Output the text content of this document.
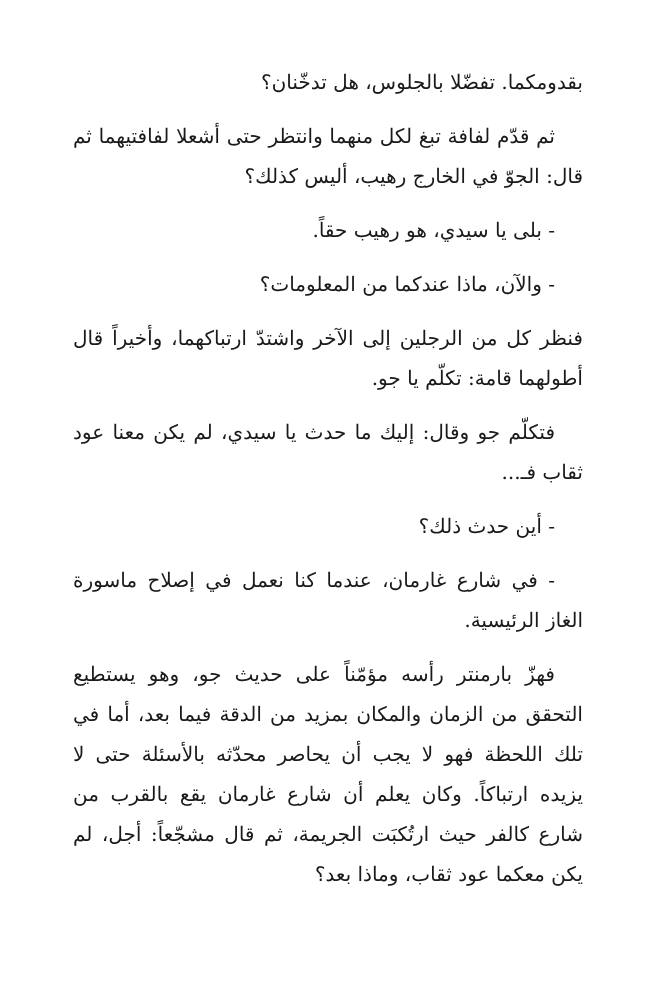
بقدومكما. تفضّلا بالجلوس، هل تدخّنان؟

ثم قدّم لفافة تبغ لكل منهما وانتظر حتى أشعلا لفافتيهما ثم قال: الجوّ في الخارج رهيب، أليس كذلك؟

- بلى يا سيدي، هو رهيب حقاً.

- والآن، ماذا عندكما من المعلومات؟

فنظر كل من الرجلين إلى الآخر واشتدّ ارتباكهما، وأخيراً قال أطولهما قامة: تكلّم يا جو.

فتكلّم جو وقال: إليك ما حدث يا سيدي، لم يكن معنا عود ثقاب فـ...

- أين حدث ذلك؟

- في شارع غارمان، عندما كنا نعمل في إصلاح ماسورة الغاز الرئيسية.

فهزّ بارمنتر رأسه مؤمّناً على حديث جو، وهو يستطيع التحقق من الزمان والمكان بمزيد من الدقة فيما بعد، أما في تلك اللحظة فهو لا يجب أن يحاصر محدّثه بالأسئلة حتى لا يزيده ارتباكاً. وكان يعلم أن شارع غارمان يقع بالقرب من شارع كالفر حيث ارتُكبَت الجريمة، ثم قال مشجّعاً: أجل، لم يكن معكما عود ثقاب، وماذا بعد؟
